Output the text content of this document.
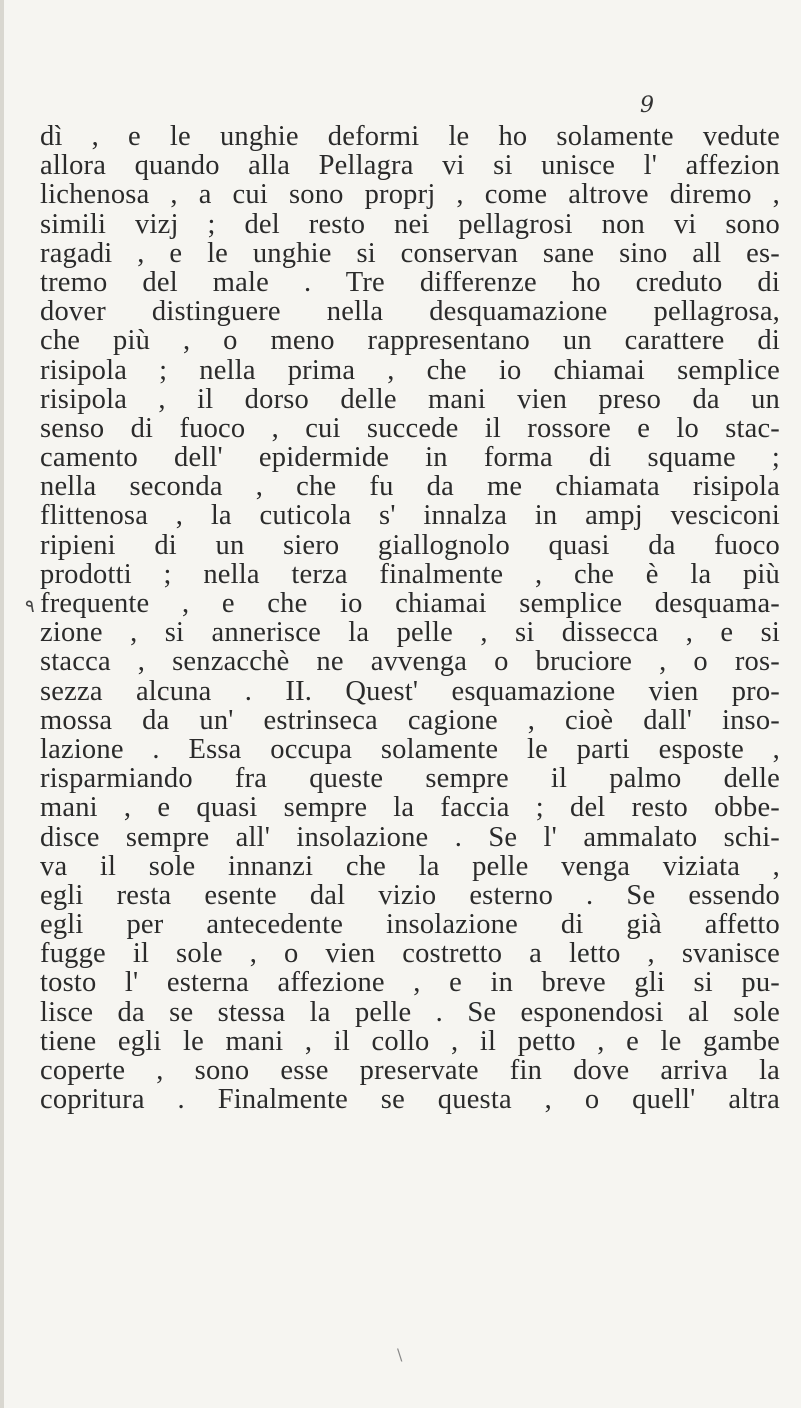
9
٩
dì , e le unghie deformi le ho solamente vedute
allora quando alla Pellagra vi si unisce l' affezion
lichenosa , a cui sono proprj , come altrove diremo ,
simili vizj ; del resto nei pellagrosi non vi sono
ragadi , e le unghie si conservan sane sino all es-
tremo del male . Tre differenze ho creduto di
dover distinguere nella desquamazione pellagrosa,
che più , o meno rappresentano un carattere di
risipola ; nella prima , che io chiamai semplice
risipola , il dorso delle mani vien preso da un
senso di fuoco , cui succede il rossore e lo stac-
camento dell' epidermide in forma di squame ;
nella seconda , che fu da me chiamata risipola
flittenosa , la cuticola s' innalza in ampj vesciconi
ripieni di un siero giallognolo quasi da fuoco
prodotti ; nella terza finalmente , che è la più
frequente , e che io chiamai semplice desquama-
zione , si annerisce la pelle , si dissecca , e si
stacca , senzacchè ne avvenga o bruciore , o ros-
sezza alcuna . II. Quest' esquamazione vien pro-
mossa da un' estrinseca cagione , cioè dall' inso-
lazione . Essa occupa solamente le parti esposte ,
risparmiando fra queste sempre il palmo delle
mani , e quasi sempre la faccia ; del resto obbe-
disce sempre all' insolazione . Se l' ammalato schi-
va il sole innanzi che la pelle venga viziata ,
egli resta esente dal vizio esterno . Se essendo
egli per antecedente insolazione di già affetto
fugge il sole , o vien costretto a letto , svanisce
tosto l' esterna affezione , e in breve gli si pu-
lisce da se stessa la pelle . Se esponendosi al sole
tiene egli le mani , il collo , il petto , e le gambe
coperte , sono esse preservate fin dove arriva la
copritura . Finalmente se questa , o quell' altra
\
